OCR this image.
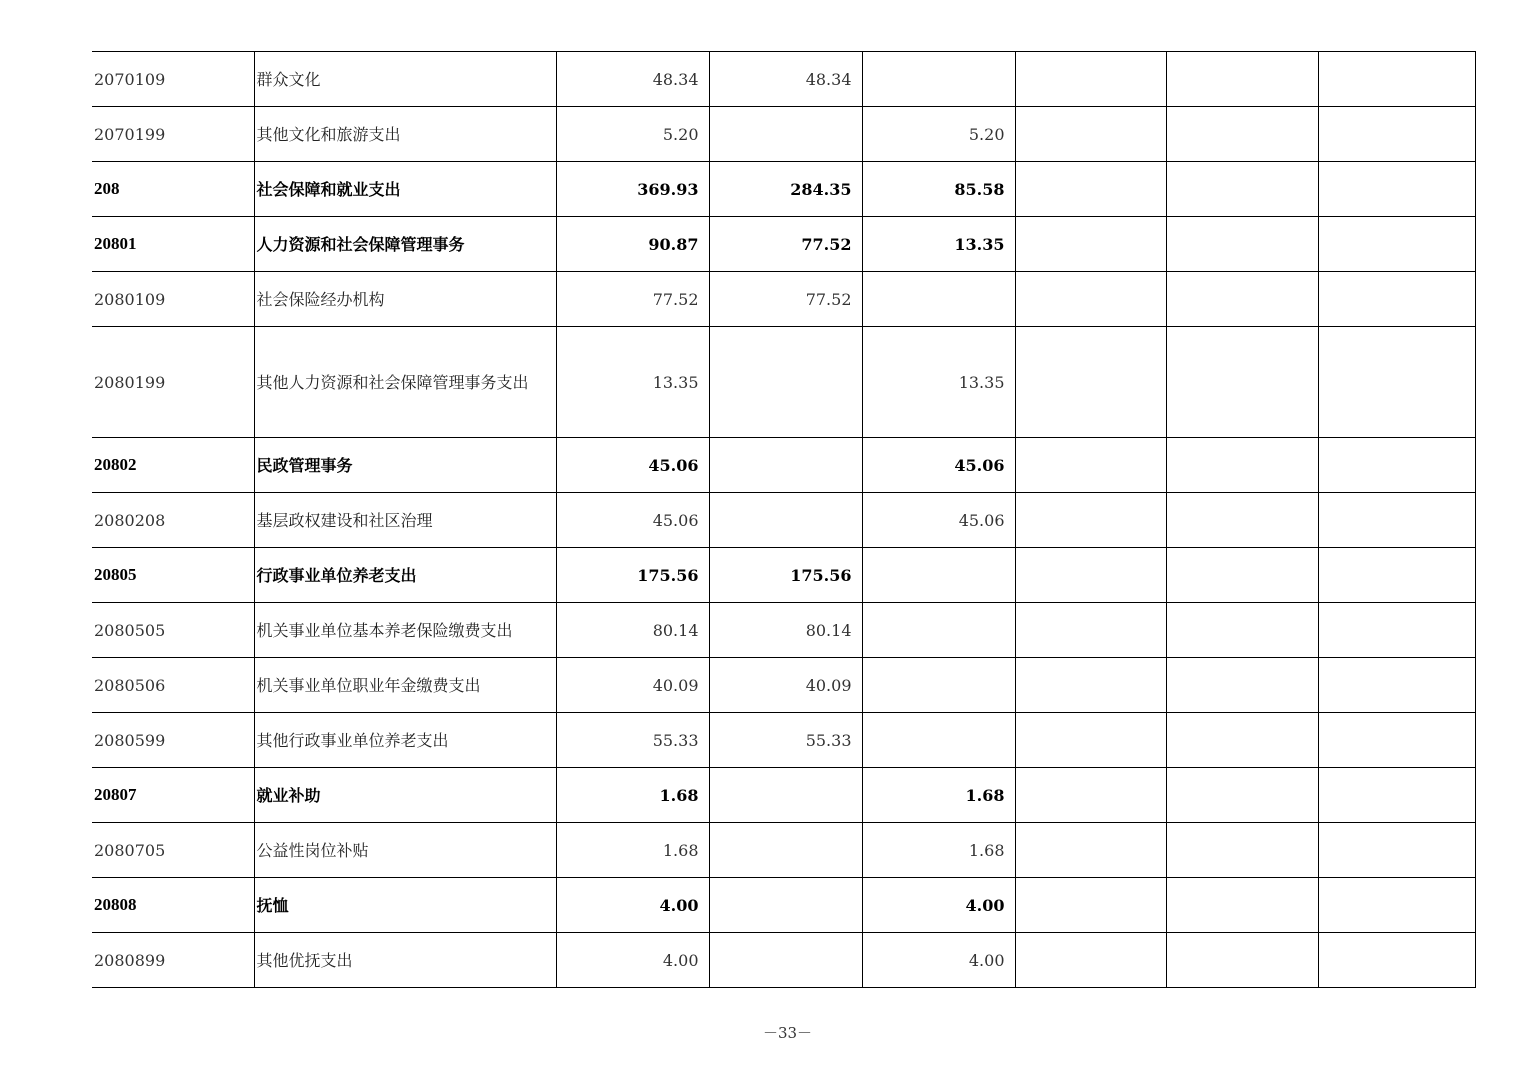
2070109	群众文化	48.34	48.34				
2070199	其他文化和旅游支出	5.20		5.20			
208	社会保障和就业支出	369.93	284.35	85.58			
20801	人力资源和社会保障管理事务	90.87	77.52	13.35			
2080109	社会保险经办机构	77.52	77.52				
2080199	其他人力资源和社会保障管理事务支出	13.35		13.35			
20802	民政管理事务	45.06		45.06			
2080208	基层政权建设和社区治理	45.06		45.06			
20805	行政事业单位养老支出	175.56	175.56				
2080505	机关事业单位基本养老保险缴费支出	80.14	80.14				
2080506	机关事业单位职业年金缴费支出	40.09	40.09				
2080599	其他行政事业单位养老支出	55.33	55.33				
20807	就业补助	1.68		1.68			
2080705	公益性岗位补贴	1.68		1.68			
20808	抚恤	4.00		4.00			
2080899	其他优抚支出	4.00		4.00			
－33－
